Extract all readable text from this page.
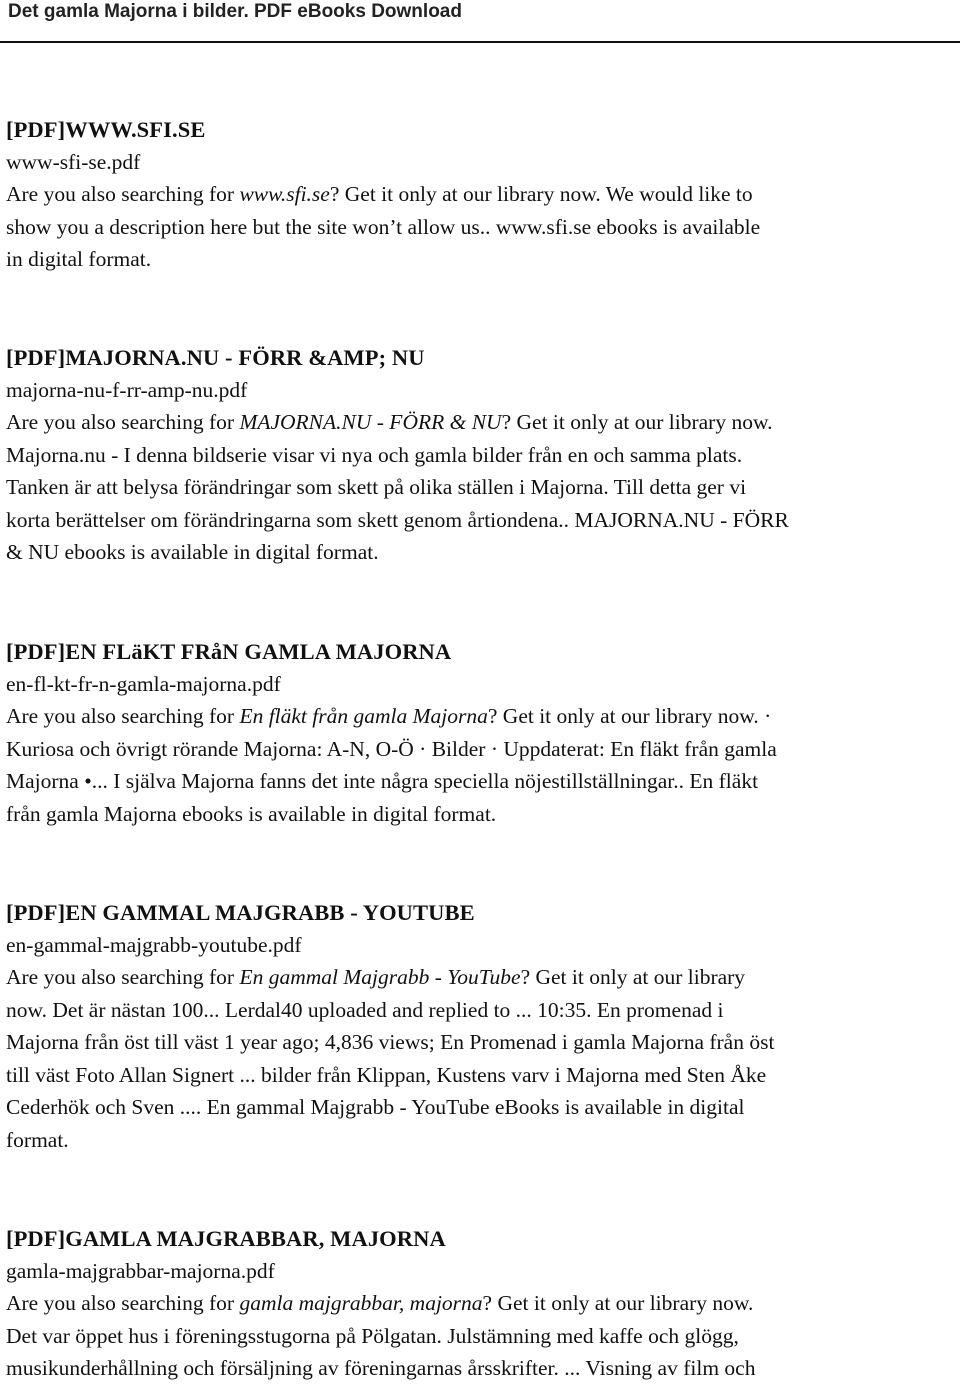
Det gamla Majorna i bilder. PDF eBooks Download
[PDF]WWW.SFI.SE
www-sfi-se.pdf
Are you also searching for www.sfi.se? Get it only at our library now. We would like to
show you a description here but the site won’t allow us.. www.sfi.se ebooks is available
in digital format.
[PDF]MAJORNA.NU - FÖRR &AMP; NU
majorna-nu-f-rr-amp-nu.pdf
Are you also searching for MAJORNA.NU - FÖRR & NU? Get it only at our library now.
Majorna.nu - I denna bildserie visar vi nya och gamla bilder från en och samma plats.
Tanken är att belysa förändringar som skett på olika ställen i Majorna. Till detta ger vi
korta berättelser om förändringarna som skett genom årtiondena.. MAJORNA.NU - FÖRR
& NU ebooks is available in digital format.
[PDF]EN FLäKT FRåN GAMLA MAJORNA
en-fl-kt-fr-n-gamla-majorna.pdf
Are you also searching for En fläkt från gamla Majorna? Get it only at our library now. ·
Kuriosa och övrigt rörande Majorna: A-N, O-Ö · Bilder · Uppdaterat: En fläkt från gamla
Majorna •... I själva Majorna fanns det inte några speciella nöjestillställningar.. En fläkt
från gamla Majorna ebooks is available in digital format.
[PDF]EN GAMMAL MAJGRABB - YOUTUBE
en-gammal-majgrabb-youtube.pdf
Are you also searching for En gammal Majgrabb - YouTube? Get it only at our library
now. Det är nästan 100... Lerdal40 uploaded and replied to ... 10:35. En promenad i
Majorna från öst till väst 1 year ago; 4,836 views; En Promenad i gamla Majorna från öst
till väst Foto Allan Signert ... bilder från Klippan, Kustens varv i Majorna med Sten Åke
Cederhök och Sven .... En gammal Majgrabb - YouTube eBooks is available in digital
format.
[PDF]GAMLA MAJGRABBAR, MAJORNA
gamla-majgrabbar-majorna.pdf
Are you also searching for gamla majgrabbar, majorna? Get it only at our library now.
Det var öppet hus i föreningsstugorna på Pölgatan. Julstämning med kaffe och glögg,
musikunderhållning och försäljning av föreningarnas årsskrifter. ... Visning av film och
